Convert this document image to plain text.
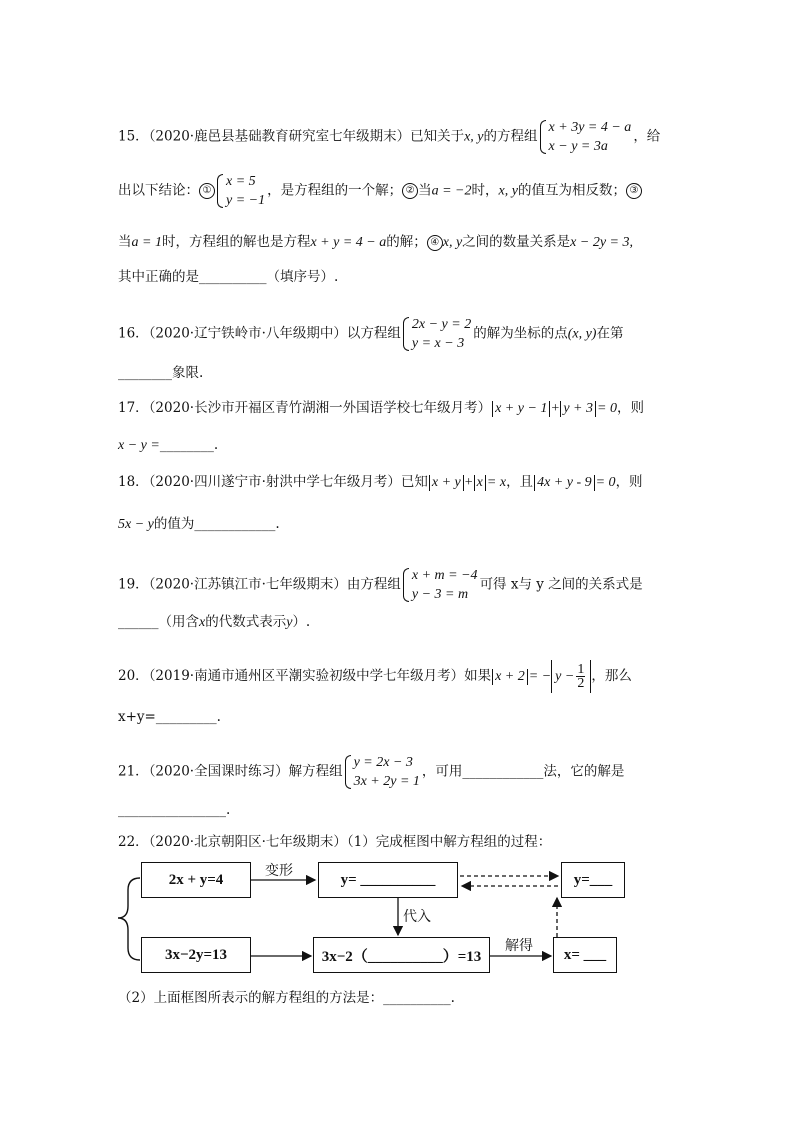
15．（2020·鹿邑县基础教育研究室七年级期末）已知关于x, y的方程组
x + 3y = 4 − a
x − y = 3a
，给
出以下结论： ①
x = 5
y = −1
，是方程组的一个解； ② 当a = −2时，x, y的值互为相反数； ③
当a = 1时，方程组的解也是方程x + y = 4 − a的解； ④ x, y之间的数量关系是x − 2y = 3,
其中正确的是__________（填序号）.
16．（2020·辽宁铁岭市·八年级期中）以方程组
2x − y = 2
y = x − 3
的解为坐标的点(x, y)在第
________象限.
17．（2020·长沙市开福区青竹湖湘一外国语学校七年级月考） x + y − 1 + y + 3 = 0，则
x − y =________.
18．（2020·四川遂宁市·射洪中学七年级月考）已知 x + y + x = x，且 4x + y - 9 = 0，则
5x − y的值为____________.
19．（2020·江苏镇江市·七年级期末）由方程组
x + m = −4
y − 3 = m
可得 x与 y 之间的关系式是
______（用含x的代数式表示y）.
20．（2019·南通市通州区平潮实验初级中学七年级月考）如果 x + 2 = − $y - \frac{1}{2}$ ，那么
x+y=_________.
21．（2020·全国课时练习）解方程组
y = 2x − 3
3x + 2y = 1
，可用____________法，它的解是
________________.
22．（2020·北京朝阳区·七年级期末）（1）完成框图中解方程组的过程：
2x + y=4
3x−2y=13
y= __________
3x−2（__________）=13
y=___
x= ___
变形
代入
解得
（2）上面框图所表示的解方程组的方法是：__________.
